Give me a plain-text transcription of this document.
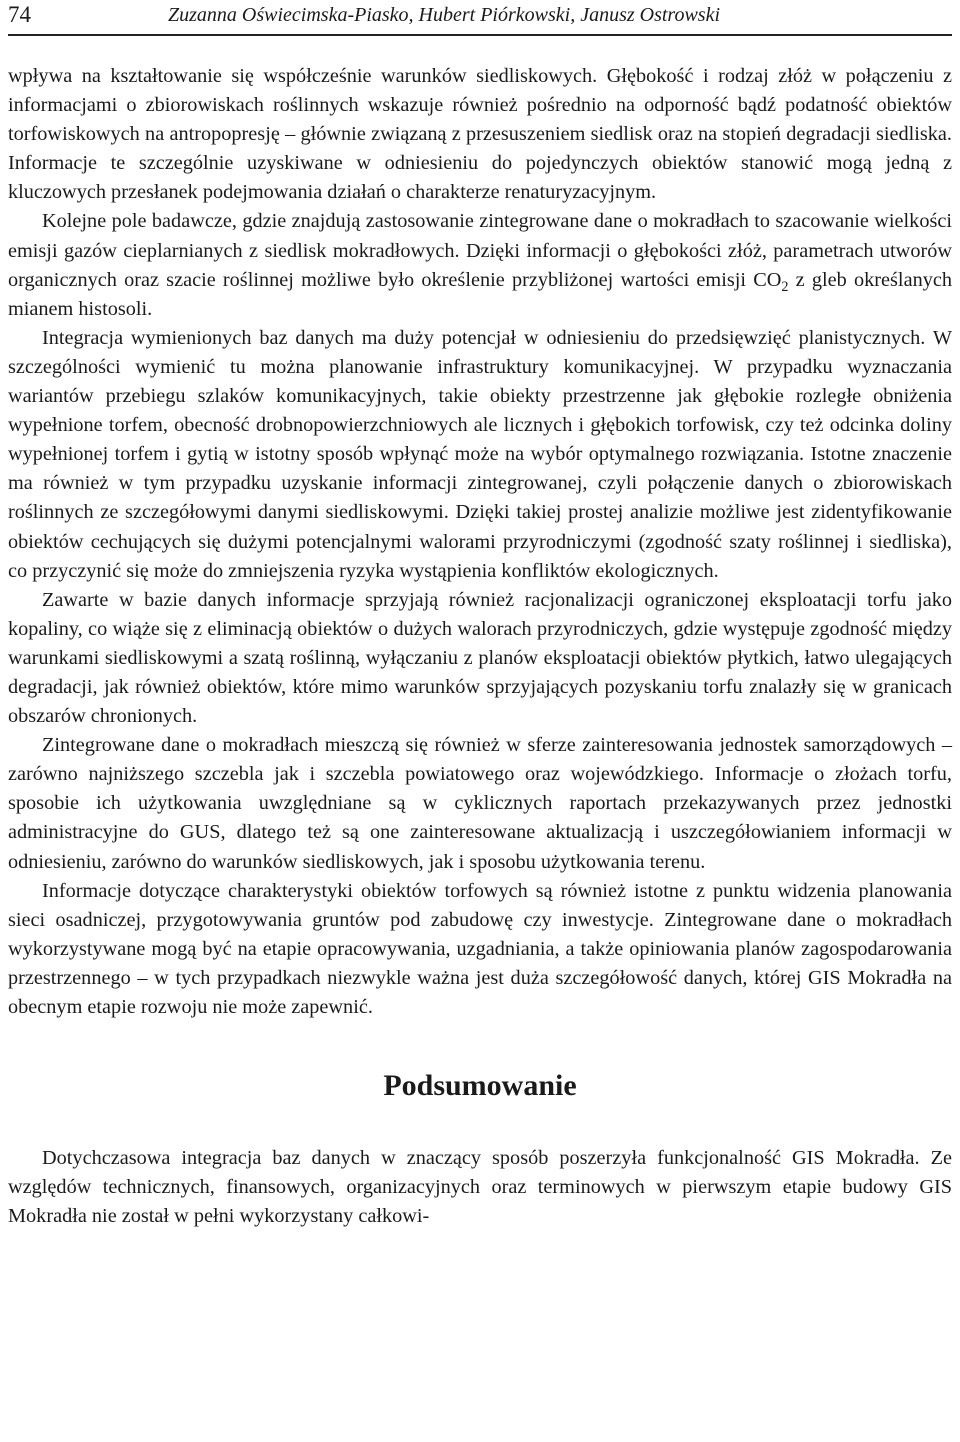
74	Zuzanna Oświecimska-Piasko, Hubert Piórkowski, Janusz Ostrowski

wpływa na kształtowanie się współcześnie warunków siedliskowych. Głębokość i rodzaj złóż w połączeniu z informacjami o zbiorowiskach roślinnych wskazuje również pośrednio na odporność bądź podatność obiektów torfowiskowych na antropopresję – głównie związaną z przesuszeniem siedlisk oraz na stopień degradacji siedliska. Informacje te szczególnie uzyskiwane w odniesieniu do pojedynczych obiektów stanowić mogą jedną z kluczowych przesłanek podejmowania działań o charakterze renaturyzacyjnym.

Kolejne pole badawcze, gdzie znajdują zastosowanie zintegrowane dane o mokradłach to szacowanie wielkości emisji gazów cieplarnianych z siedlisk mokradłowych. Dzięki informacji o głębokości złóż, parametrach utworów organicznych oraz szacie roślinnej możliwe było określenie przybliżonej wartości emisji $CO_2$ z gleb określanych mianem histosoli.

Integracja wymienionych baz danych ma duży potencjał w odniesieniu do przedsięwzięć planistycznych. W szczególności wymienić tu można planowanie infrastruktury komunikacyjnej. W przypadku wyznaczania wariantów przebiegu szlaków komunikacyjnych, takie obiekty przestrzenne jak głębokie rozległe obniżenia wypełnione torfem, obecność drobnopowierzchniowych ale licznych i głębokich torfowisk, czy też odcinka doliny wypełnionej torfem i gytią w istotny sposób wpłynąć może na wybór optymalnego rozwiązania. Istotne znaczenie ma również w tym przypadku uzyskanie informacji zintegrowanej, czyli połączenie danych o zbiorowiskach roślinnych ze szczegółowymi danymi siedliskowymi. Dzięki takiej prostej analizie możliwe jest zidentyfikowanie obiektów cechujących się dużymi potencjalnymi walorami przyrodniczymi (zgodność szaty roślinnej i siedliska), co przyczynić się może do zmniejszenia ryzyka wystąpienia konfliktów ekologicznych.

Zawarte w bazie danych informacje sprzyjają również racjonalizacji ograniczonej eksploatacji torfu jako kopaliny, co wiąże się z eliminacją obiektów o dużych walorach przyrodniczych, gdzie występuje zgodność między warunkami siedliskowymi a szatą roślinną, wyłączaniu z planów eksploatacji obiektów płytkich, łatwo ulegających degradacji, jak również obiektów, które mimo warunków sprzyjających pozyskaniu torfu znalazły się w granicach obszarów chronionych.

Zintegrowane dane o mokradłach mieszczą się również w sferze zainteresowania jednostek samorządowych – zarówno najniższego szczebla jak i szczebla powiatowego oraz wojewódzkiego. Informacje o złożach torfu, sposobie ich użytkowania uwzględniane są w cyklicznych raportach przekazywanych przez jednostki administracyjne do GUS, dlatego też są one zainteresowane aktualizacją i uszczegółowianiem informacji w odniesieniu, zarówno do warunków siedliskowych, jak i sposobu użytkowania terenu.

Informacje dotyczące charakterystyki obiektów torfowych są również istotne z punktu widzenia planowania sieci osadniczej, przygotowywania gruntów pod zabudowę czy inwestycje. Zintegrowane dane o mokradłach wykorzystywane mogą być na etapie opracowywania, uzgadniania, a także opiniowania planów zagospodarowania przestrzennego – w tych przypadkach niezwykle ważna jest duża szczegółowość danych, której GIS Mokradła na obecnym etapie rozwoju nie może zapewnić.

Podsumowanie

Dotychczasowa integracja baz danych w znaczący sposób poszerzyła funkcjonalność GIS Mokradła. Ze względów technicznych, finansowych, organizacyjnych oraz terminowych w pierwszym etapie budowy GIS Mokradła nie został w pełni wykorzystany całkowi-
